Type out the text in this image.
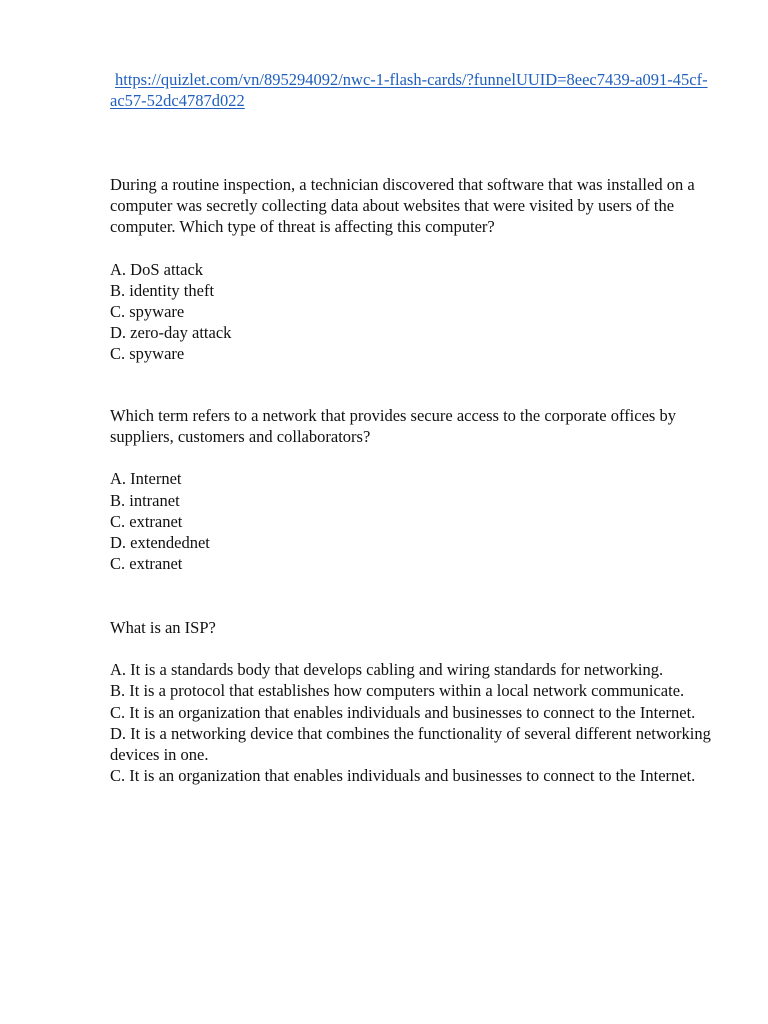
https://quizlet.com/vn/895294092/nwc-1-flash-cards/?funnelUUID=8eec7439-a091-45cf-ac57-52dc4787d022

During a routine inspection, a technician discovered that software that was installed on a computer was secretly collecting data about websites that were visited by users of the computer. Which type of threat is affecting this computer?

A. DoS attack
B. identity theft
C. spyware
D. zero-day attack

C. spyware

Which term refers to a network that provides secure access to the corporate offices by suppliers, customers and collaborators?

A. Internet
B. intranet
C. extranet
D. extendednet

C. extranet

What is an ISP?

A. It is a standards body that develops cabling and wiring standards for networking.
B. It is a protocol that establishes how computers within a local network communicate.
C. It is an organization that enables individuals and businesses to connect to the Internet.
D. It is a networking device that combines the functionality of several different networking devices in one.

C. It is an organization that enables individuals and businesses to connect to the Internet.
